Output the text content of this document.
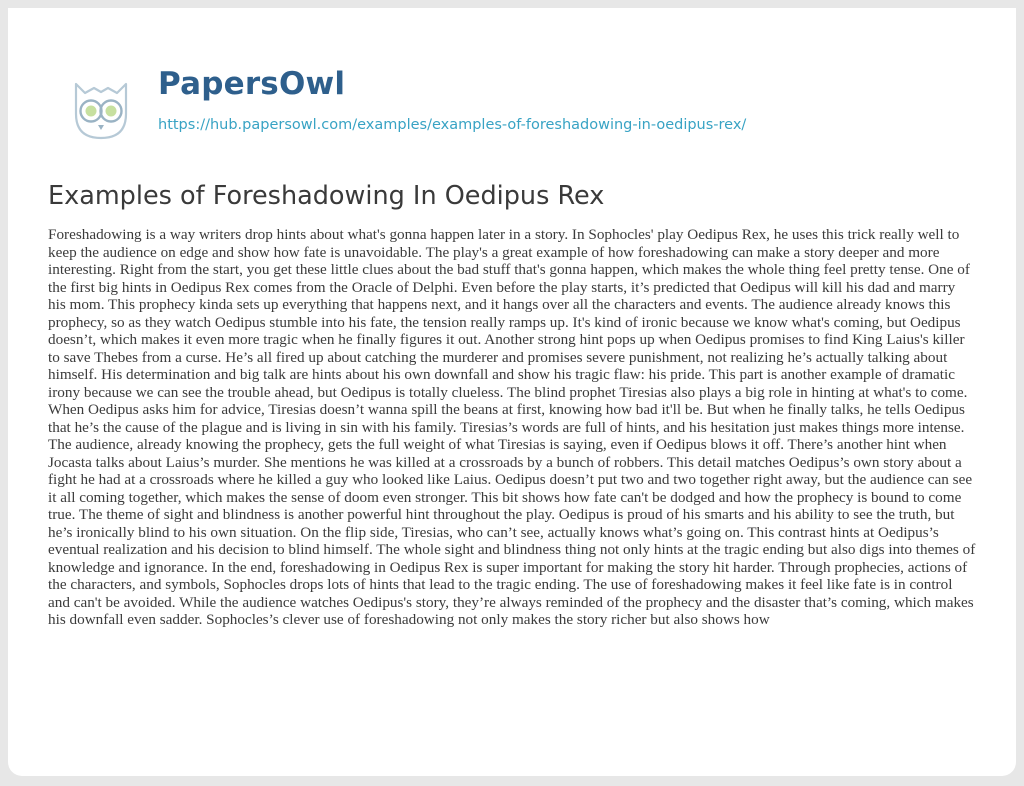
PapersOwl
https://hub.papersowl.com/examples/examples-of-foreshadowing-in-oedipus-rex/
Examples of Foreshadowing In Oedipus Rex

Foreshadowing is a way writers drop hints about what's gonna happen later in a story. In Sophocles' play Oedipus Rex, he uses this trick really well to keep the audience on edge and show how fate is unavoidable. The play's a great example of how foreshadowing can make a story deeper and more interesting. Right from the start, you get these little clues about the bad stuff that's gonna happen, which makes the whole thing feel pretty tense. One of the first big hints in Oedipus Rex comes from the Oracle of Delphi. Even before the play starts, it’s predicted that Oedipus will kill his dad and marry his mom. This prophecy kinda sets up everything that happens next, and it hangs over all the characters and events. The audience already knows this prophecy, so as they watch Oedipus stumble into his fate, the tension really ramps up. It's kind of ironic because we know what's coming, but Oedipus doesn’t, which makes it even more tragic when he finally figures it out. Another strong hint pops up when Oedipus promises to find King Laius's killer to save Thebes from a curse. He’s all fired up about catching the murderer and promises severe punishment, not realizing he’s actually talking about himself. His determination and big talk are hints about his own downfall and show his tragic flaw: his pride. This part is another example of dramatic irony because we can see the trouble ahead, but Oedipus is totally clueless. The blind prophet Tiresias also plays a big role in hinting at what's to come. When Oedipus asks him for advice, Tiresias doesn’t wanna spill the beans at first, knowing how bad it'll be. But when he finally talks, he tells Oedipus that he’s the cause of the plague and is living in sin with his family. Tiresias’s words are full of hints, and his hesitation just makes things more intense. The audience, already knowing the prophecy, gets the full weight of what Tiresias is saying, even if Oedipus blows it off. There’s another hint when Jocasta talks about Laius’s murder. She mentions he was killed at a crossroads by a bunch of robbers. This detail matches Oedipus’s own story about a fight he had at a crossroads where he killed a guy who looked like Laius. Oedipus doesn’t put two and two together right away, but the audience can see it all coming together, which makes the sense of doom even stronger. This bit shows how fate can't be dodged and how the prophecy is bound to come true. The theme of sight and blindness is another powerful hint throughout the play. Oedipus is proud of his smarts and his ability to see the truth, but he’s ironically blind to his own situation. On the flip side, Tiresias, who can’t see, actually knows what’s going on. This contrast hints at Oedipus’s eventual realization and his decision to blind himself. The whole sight and blindness thing not only hints at the tragic ending but also digs into themes of knowledge and ignorance. In the end, foreshadowing in Oedipus Rex is super important for making the story hit harder. Through prophecies, actions of the characters, and symbols, Sophocles drops lots of hints that lead to the tragic ending. The use of foreshadowing makes it feel like fate is in control and can't be avoided. While the audience watches Oedipus's story, they’re always reminded of the prophecy and the disaster that’s coming, which makes his downfall even sadder. Sophocles’s clever use of foreshadowing not only makes the story richer but also shows how
